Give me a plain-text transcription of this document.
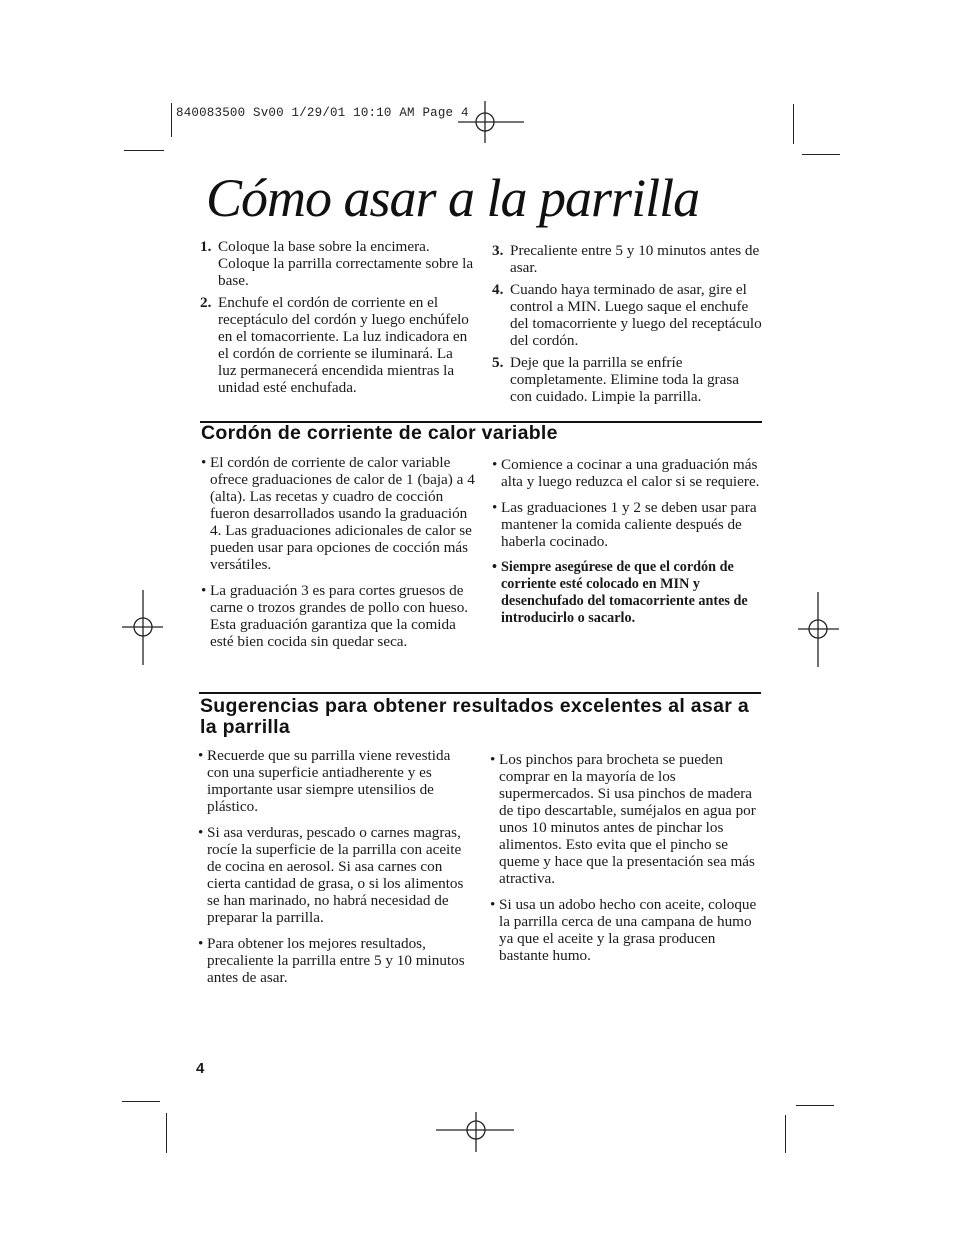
840083500 Sv00 1/29/01 10:10 AM Page 4
Cómo asar a la parrilla
1. Coloque la base sobre la encimera. Coloque la parrilla correctamente sobre la base.
2. Enchufe el cordón de corriente en el receptáculo del cordón y luego enchúfelo en el tomacorriente. La luz indicadora en el cordón de corriente se iluminará. La luz permanecerá encendida mientras la unidad esté enchufada.
3. Precaliente entre 5 y 10 minutos antes de asar.
4. Cuando haya terminado de asar, gire el control a MIN. Luego saque el enchufe del tomacorriente y luego del receptáculo del cordón.
5. Deje que la parrilla se enfríe completamente. Elimine toda la grasa con cuidado. Limpie la parrilla.
Cordón de corriente de calor variable
• El cordón de corriente de calor variable ofrece graduaciones de calor de 1 (baja) a 4 (alta). Las recetas y cuadro de cocción fueron desarrollados usando la graduación 4. Las graduaciones adicionales de calor se pueden usar para opciones de cocción más versátiles.
• La graduación 3 es para cortes gruesos de carne o trozos grandes de pollo con hueso. Esta graduación garantiza que la comida esté bien cocida sin quedar seca.
• Comience a cocinar a una graduación más alta y luego reduzca el calor si se requiere.
• Las graduaciones 1 y 2 se deben usar para mantener la comida caliente después de haberla cocinado.
• Siempre asegúrese de que el cordón de corriente esté colocado en MIN y desenchufado del tomacorriente antes de introducirlo o sacarlo.
Sugerencias para obtener resultados excelentes al asar a la parrilla
• Recuerde que su parrilla viene revestida con una superficie antiadherente y es importante usar siempre utensilios de plástico.
• Si asa verduras, pescado o carnes magras, rocíe la superficie de la parrilla con aceite de cocina en aerosol. Si asa carnes con cierta cantidad de grasa, o si los alimentos se han marinado, no habrá necesidad de preparar la parrilla.
• Para obtener los mejores resultados, precaliente la parrilla entre 5 y 10 minutos antes de asar.
• Los pinchos para brocheta se pueden comprar en la mayoría de los supermercados. Si usa pinchos de madera de tipo descartable, suméjalos en agua por unos 10 minutos antes de pinchar los alimentos. Esto evita que el pincho se queme y hace que la presentación sea más atractiva.
• Si usa un adobo hecho con aceite, coloque la parrilla cerca de una campana de humo ya que el aceite y la grasa producen bastante humo.
4
